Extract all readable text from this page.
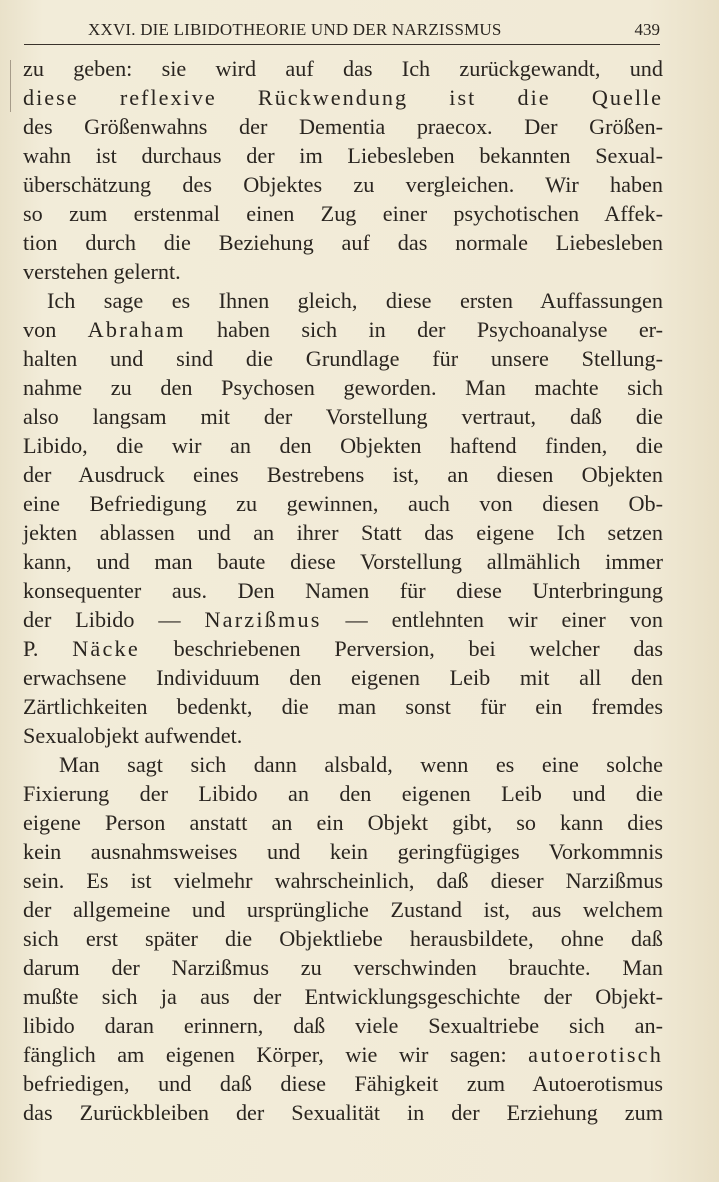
XXVI. DIE LIBIDOTHEORIE UND DER NARZISSMUS	439
zu geben: sie wird auf das Ich zurückgewandt, und
diese reflexive Rückwendung ist die Quelle
des Größenwahns der Dementia praecox. Der Größen-
wahn ist durchaus der im Liebesleben bekannten Sexual-
überschätzung des Objektes zu vergleichen. Wir haben
so zum erstenmal einen Zug einer psychotischen Affek-
tion durch die Beziehung auf das normale Liebesleben
verstehen gelernt.
Ich sage es Ihnen gleich, diese ersten Auffassungen
von Abraham haben sich in der Psychoanalyse er-
halten und sind die Grundlage für unsere Stellung-
nahme zu den Psychosen geworden. Man machte sich
also langsam mit der Vorstellung vertraut, daß die
Libido, die wir an den Objekten haftend finden, die
der Ausdruck eines Bestrebens ist, an diesen Objekten
eine Befriedigung zu gewinnen, auch von diesen Ob-
jekten ablassen und an ihrer Statt das eigene Ich setzen
kann, und man baute diese Vorstellung allmählich immer
konsequenter aus. Den Namen für diese Unterbringung
der Libido — Narzißmus — entlehnten wir einer von
P. Näcke beschriebenen Perversion, bei welcher das
erwachsene Individuum den eigenen Leib mit all den
Zärtlichkeiten bedenkt, die man sonst für ein fremdes
Sexualobjekt aufwendet.
Man sagt sich dann alsbald, wenn es eine solche
Fixierung der Libido an den eigenen Leib und die
eigene Person anstatt an ein Objekt gibt, so kann dies
kein ausnahmsweises und kein geringfügiges Vorkommnis
sein. Es ist vielmehr wahrscheinlich, daß dieser Narzißmus
der allgemeine und ursprüngliche Zustand ist, aus welchem
sich erst später die Objektliebe herausbildete, ohne daß
darum der Narzißmus zu verschwinden brauchte. Man
mußte sich ja aus der Entwicklungsgeschichte der Objekt-
libido daran erinnern, daß viele Sexualtriebe sich an-
fänglich am eigenen Körper, wie wir sagen: autoerotisch
befriedigen, und daß diese Fähigkeit zum Autoerotismus
das Zurückbleiben der Sexualität in der Erziehung zum
